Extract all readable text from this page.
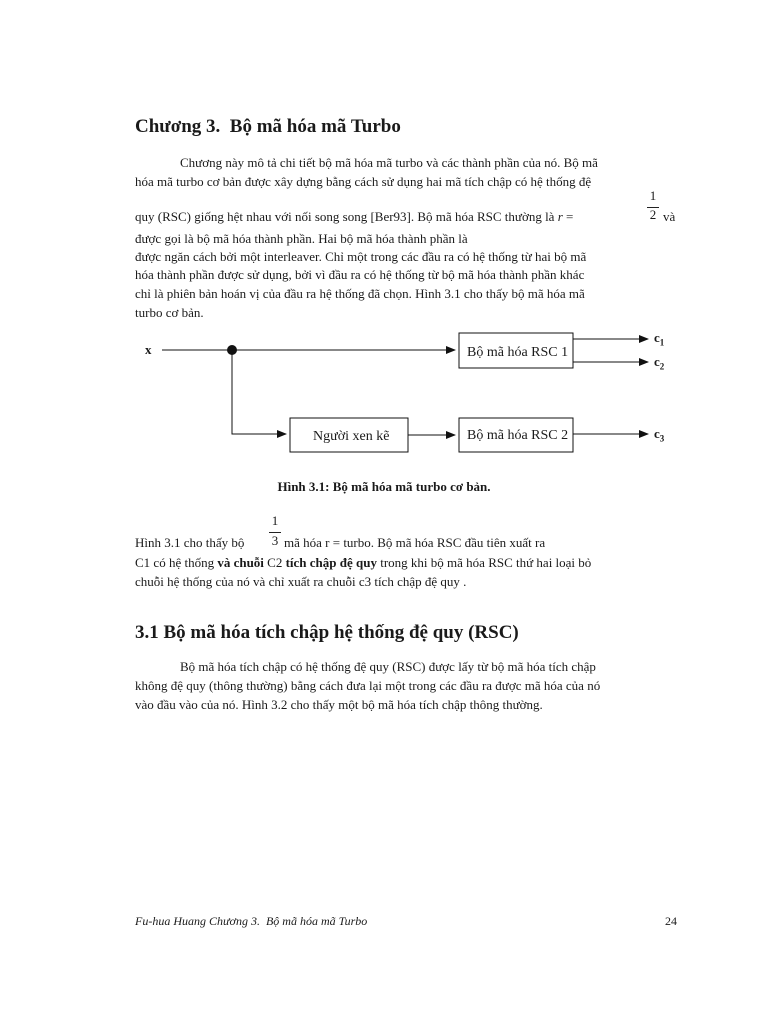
Chương 3.  Bộ mã hóa mã Turbo
Chương này mô tả chi tiết bộ mã hóa mã turbo và các thành phần của nó. Bộ mã
hóa mã turbo cơ bản được xây dựng bằng cách sử dụng hai mã tích chập có hệ thống đệ
quy (RSC) giống hệt nhau với nối song song [Ber93]. Bộ mã hóa RSC thường là r =
1
2 và
được gọi là bộ mã hóa thành phần. Hai bộ mã hóa thành phần là
được ngăn cách bởi một interleaver. Chỉ một trong các đầu ra có hệ thống từ hai bộ mã
hóa thành phần được sử dụng, bởi vì đầu ra có hệ thống từ bộ mã hóa thành phần khác
chỉ là phiên bản hoán vị của đầu ra hệ thống đã chọn. Hình 3.1 cho thấy bộ mã hóa mã
turbo cơ bản.
x	Bộ mã hóa RSC 1
Bộ mã hóa RSC 2
Người xen kẽ
$c_1$
$c_2$
$c_3$
Hình 3.1: Bộ mã hóa mã turbo cơ bản.
Hình 3.1 cho thấy bộ
1
3 mã hóa r = turbo. Bộ mã hóa RSC đầu tiên xuất ra
C1 có hệ thống và chuỗi C2 tích chập đệ quy trong khi bộ mã hóa RSC thứ hai loại bỏ
chuỗi hệ thống của nó và chỉ xuất ra chuỗi c3 tích chập đệ quy .
3.1 Bộ mã hóa tích chập hệ thống đệ quy (RSC)
Bộ mã hóa tích chập có hệ thống đệ quy (RSC) được lấy từ bộ mã hóa tích chập
không đệ quy (thông thường) bằng cách đưa lại một trong các đầu ra được mã hóa của nó
vào đầu vào của nó. Hình 3.2 cho thấy một bộ mã hóa tích chập thông thường.
Fu-hua Huang Chương 3.  Bộ mã hóa mã Turbo	24
